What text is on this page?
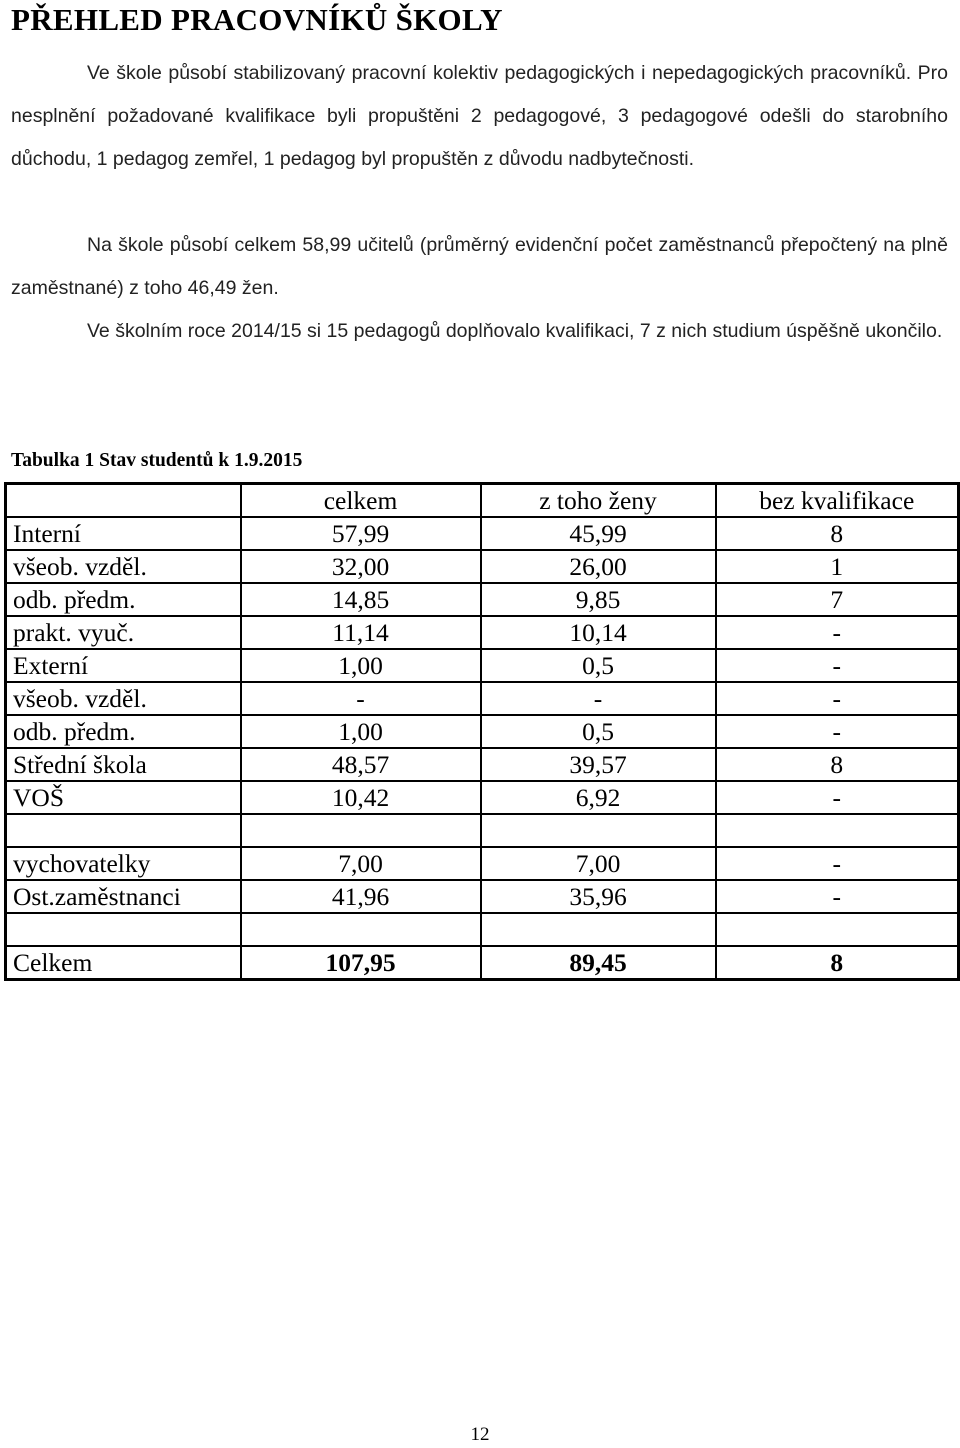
PŘEHLED PRACOVNÍKŮ ŠKOLY

Ve škole působí stabilizovaný pracovní kolektiv pedagogických i nepedagogických pracovníků. Pro nesplnění požadované kvalifikace byli propuštěni 2 pedagogové, 3 pedagogové odešli do starobního důchodu, 1 pedagog zemřel, 1 pedagog byl propuštěn z důvodu nadbytečnosti.

Na škole působí celkem 58,99 učitelů (průměrný evidenční počet zaměstnanců přepočtený na plně zaměstnané) z toho 46,49 žen.

Ve školním roce 2014/15 si 15 pedagogů doplňovalo kvalifikaci, 7 z nich studium úspěšně ukončilo.

Tabulka 1 Stav studentů k 1.9.2015
	celkem	z toho ženy	bez kvalifikace
Interní	57,99	45,99	8
všeob. vzděl.	32,00	26,00	1
odb. předm.	14,85	9,85	7
prakt. vyuč.	11,14	10,14	-
Externí	1,00	0,5	-
všeob. vzděl.	-	-	-
odb. předm.	1,00	0,5	-
Střední škola	48,57	39,57	8
VOŠ	10,42	6,92	-

vychovatelky	7,00	7,00	-
Ost.zaměstnanci	41,96	35,96	-

Celkem	107,95	89,45	8
12
